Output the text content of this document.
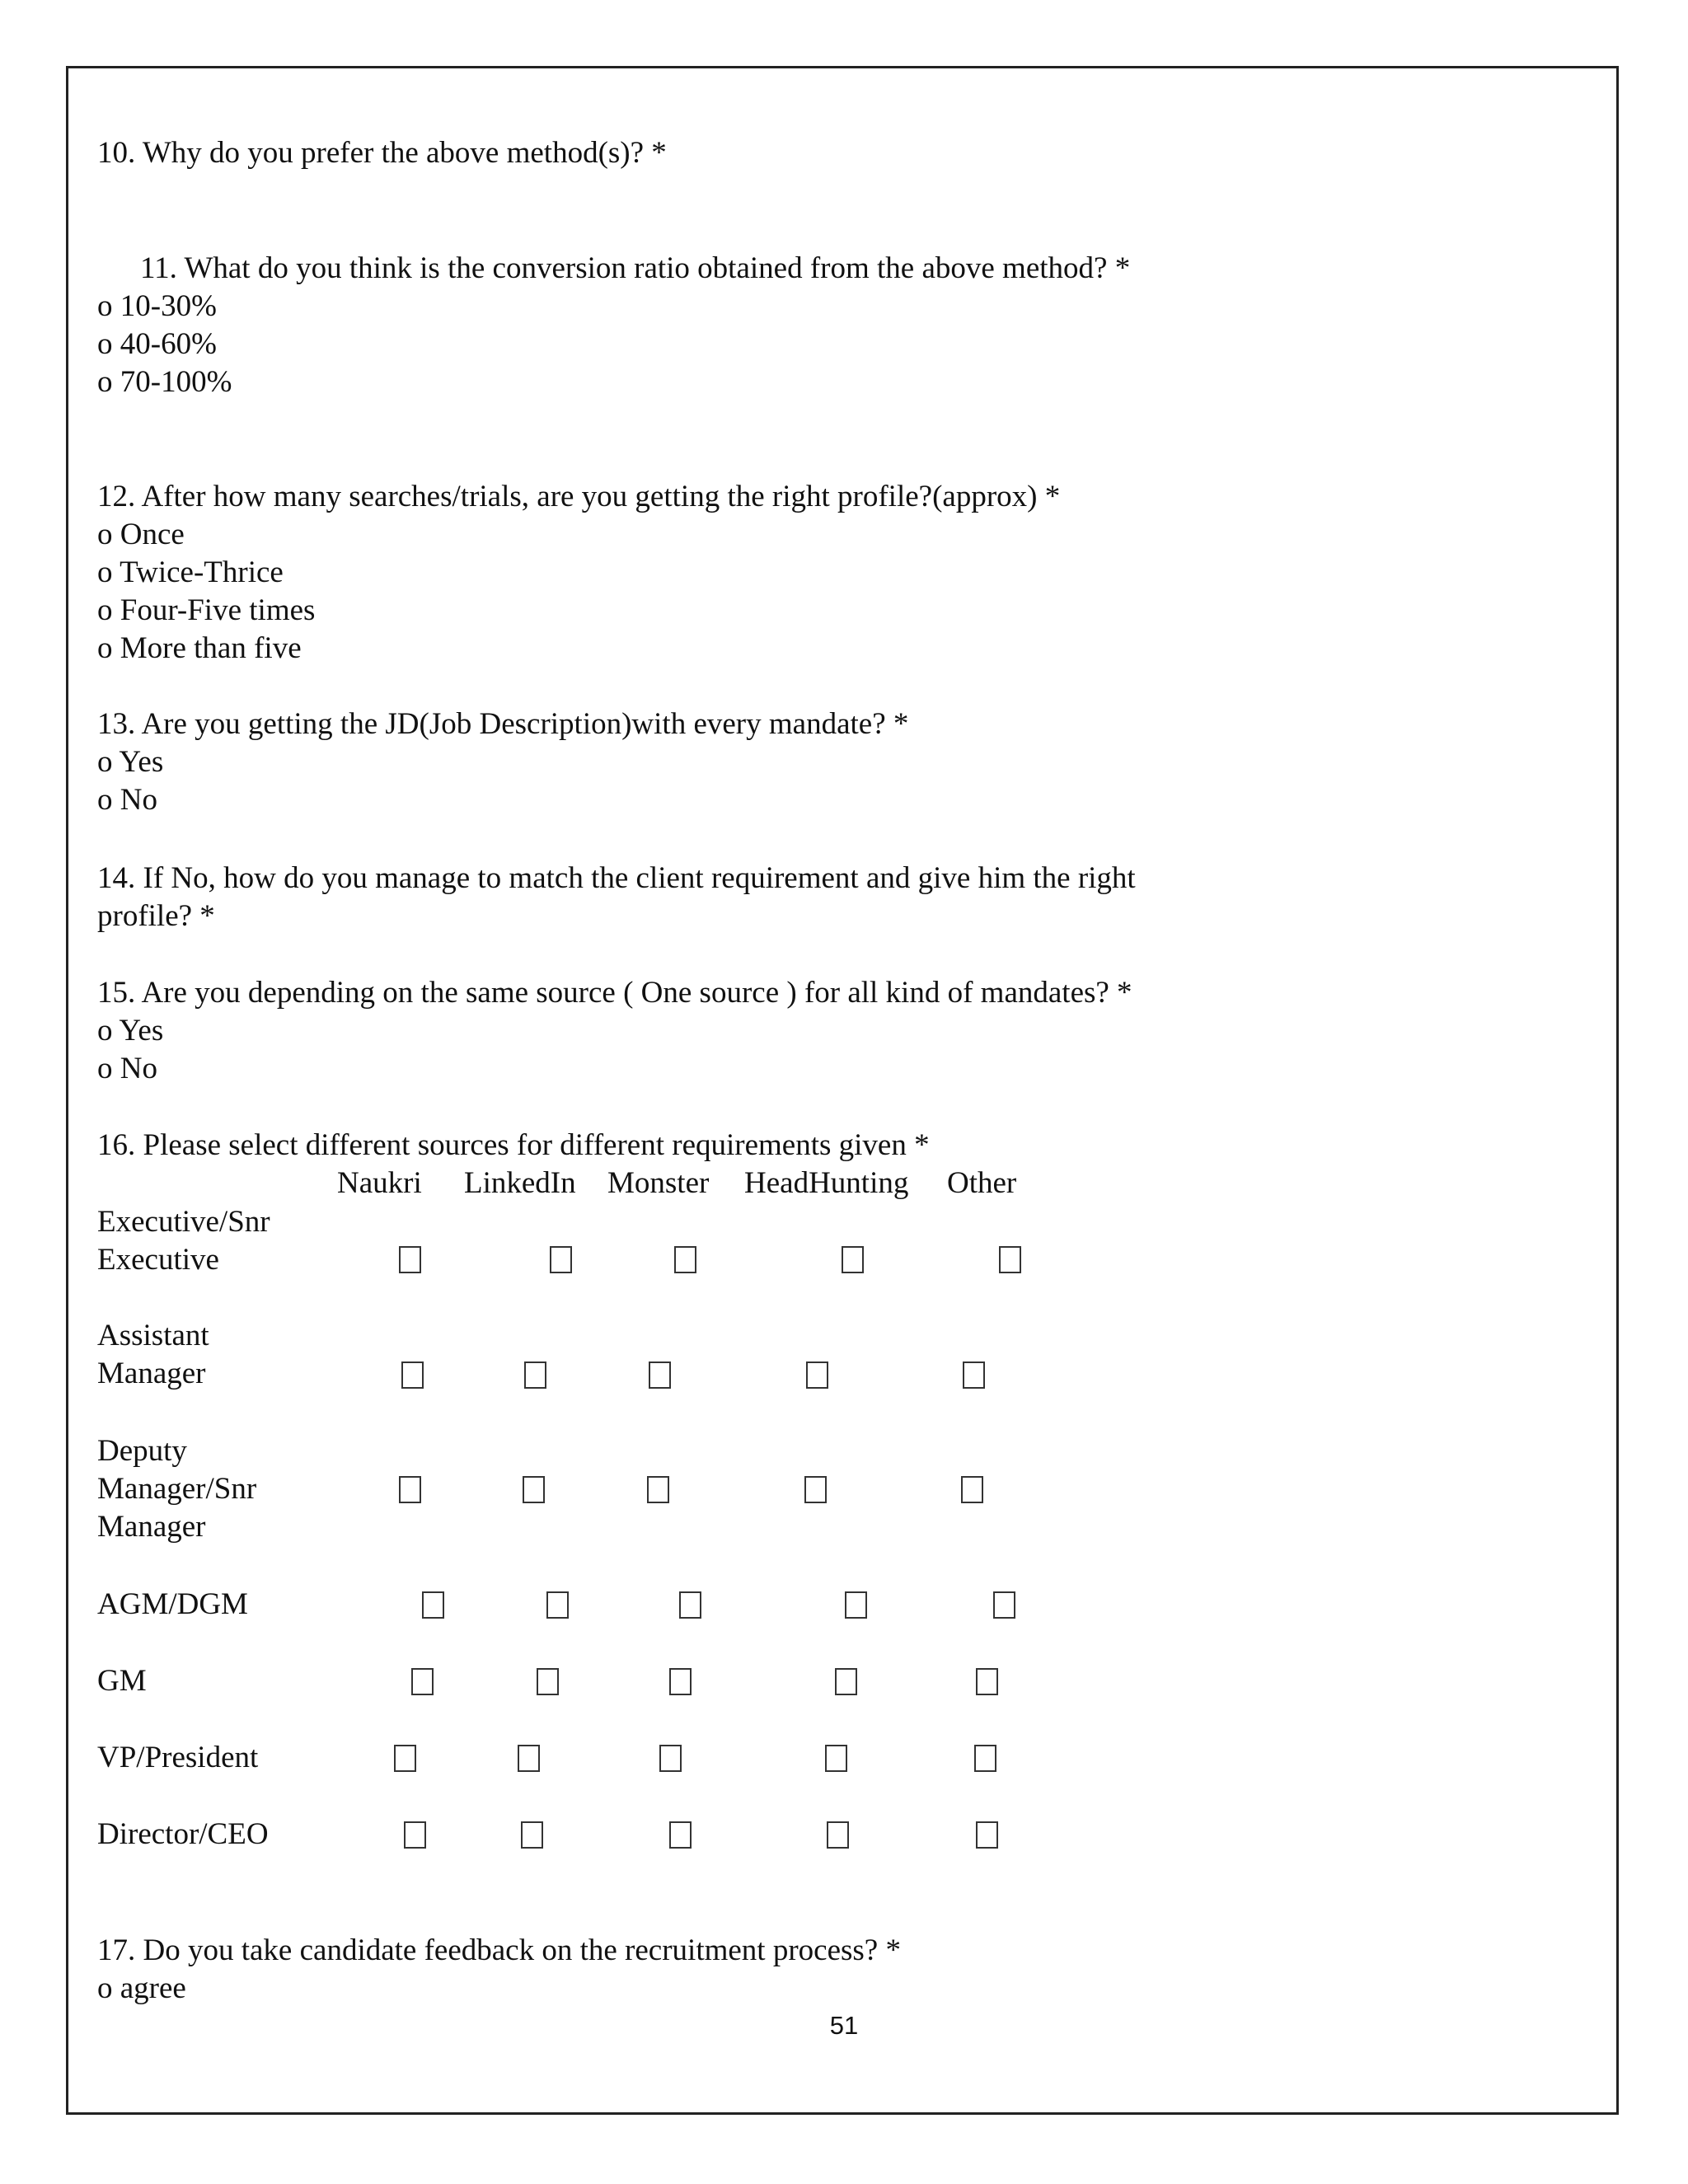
10. Why do you prefer the above method(s)? *
11. What do you think is the conversion ratio obtained from the above method? *
o 10-30%
o 40-60%
o 70-100%
12. After how many searches/trials, are you getting the right profile?(approx) *
o Once
o Twice-Thrice
o Four-Five times
o More than five
13. Are you getting the JD(Job Description)with every mandate? *
o Yes
o No
14. If No, how do you manage to match the client requirement and give him the right
profile? *
15. Are you depending on the same source ( One source ) for all kind of mandates? *
o Yes
o No
16. Please select different sources for different requirements given *
Naukri LinkedIn Monster HeadHunting Other
Executive/Snr
Executive
Assistant
Manager
Deputy
Manager/Snr
Manager
AGM/DGM
GM
VP/President
Director/CEO
17. Do you take candidate feedback on the recruitment process? *
o agree
51
